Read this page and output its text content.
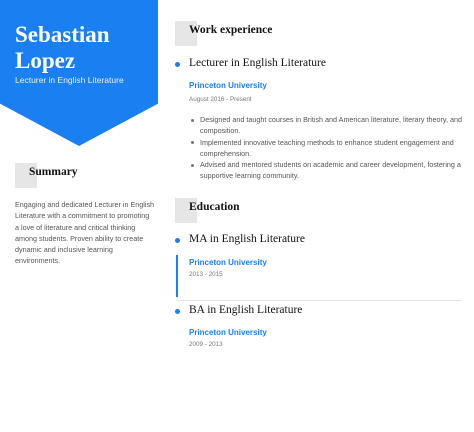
Sebastian
Lopez
Lecturer in English Literature
Summary
Engaging and dedicated Lecturer in English Literature with a commitment to promoting a love of literature and critical thinking among students. Proven ability to create dynamic and inclusive learning environments.
Work experience
Lecturer in English Literature
Princeton University
August 2016 - Present
Designed and taught courses in British and American literature, literary theory, and composition.
Implemented innovative teaching methods to enhance student engagement and comprehension.
Advised and mentored students on academic and career development, fostering a supportive learning community.
Education
MA in English Literature
Princeton University
2013 - 2015
BA in English Literature
Princeton University
2009 - 2013
